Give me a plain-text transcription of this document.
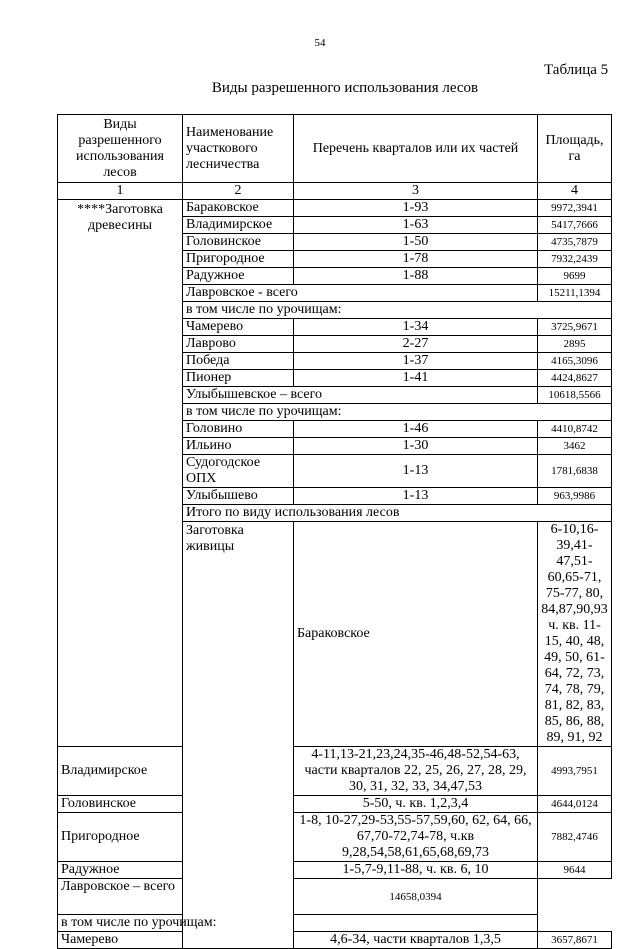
54
Таблица 5
Виды разрешенного использования лесов
Виды разрешенного использования лесов	Наименование участкового лесничества	Перечень кварталов или их частей	Площадь, га	
1	2	3	4	
****Заготовка древесины	Бараковское	1-93	9972,3941	
	Владимирское	1-63	5417,7666	
	Головинское	1-50	4735,7879	
	Пригородное	1-78	7932,2439	
	Радужное	1-88	9699	
	Лавровское - всего		15211,1394	
	в том числе по урочищам:			
	Чамерево	1-34	3725,9671	
	Лаврово	2-27	2895	
	Победа	1-37	4165,3096	
	Пионер	1-41	4424,8627	
	Улыбышевское – всего		10618,5566	
	в том числе по урочищам:			
	Головино	1-46	4410,8742	
	Ильино	1-30	3462	
	Судогодское ОПХ	1-13	1781,6838	
	Улыбышево	1-13	963,9986	
	Итого по виду использования лесов	
	Заготовка живицы	Бараковское	6-10,16-39,41-47,51-60,65-71, 75-77, 80, 84,87,90,93 ч. кв. 11-15, 40, 48, 49, 50, 61-64, 72, 73, 74, 78, 79, 81, 82, 83, 85, 86, 88, 89, 91, 92	
Владимирское		4-11,13-21,23,24,35-46,48-52,54-63, части кварталов 22, 25, 26, 27, 28, 29, 30, 31, 32, 33, 34,47,53	4993,7951	
Головинское		5-50, ч. кв. 1,2,3,4	4644,0124	
Пригородное		1-8, 10-27,29-53,55-57,59,60, 62, 64, 66, 67,70-72,74-78, ч.кв 9,28,54,58,61,65,68,69,73	7882,4746	
Радужное		1-5,7-9,11-88, ч. кв. 6, 10	9644	
Лавровское – всего		14658,0394		
в том числе по урочищам:				
Чамерево		4,6-34, части кварталов 1,3,5	3657,8671	
